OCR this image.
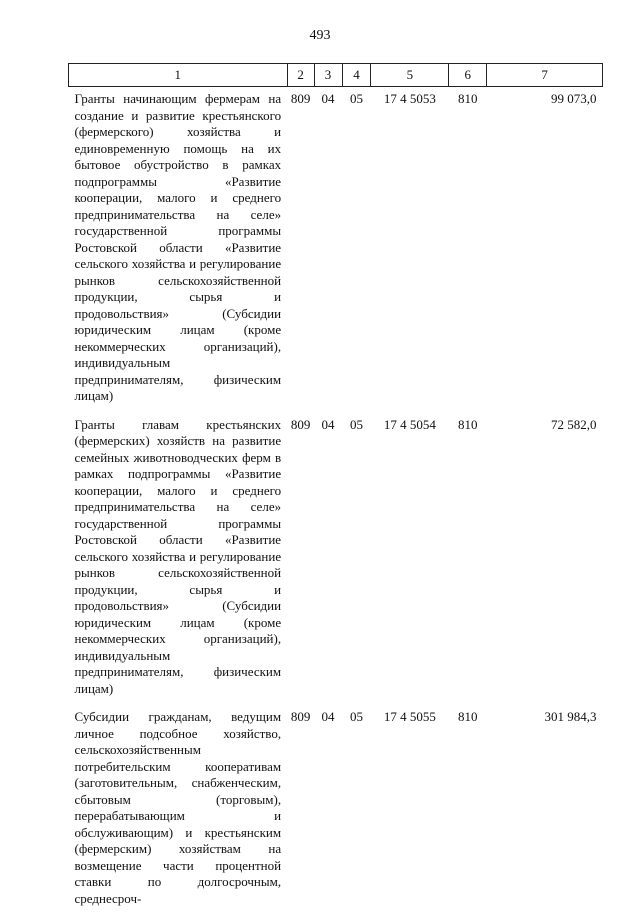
493
1	2	3	4	5	6	7
Гранты начинающим фермерам на создание и развитие крестьянского (фермерского) хозяйства и единовременную помощь на их бытовое обустройство в рамках подпрограммы «Развитие кооперации, малого и среднего предпринимательства на селе» государственной программы Ростовской области «Развитие сельского хозяйства и регулирование рынков сельскохозяйственной продукции, сырья и продовольствия» (Субсидии юридическим лицам (кроме некоммерческих организаций), индивидуальным предпринимателям, физическим лицам)	809	04	05	17 4 5053	810	99 073,0
Гранты главам крестьянских (фермерских) хозяйств на развитие семейных животноводческих ферм в рамках подпрограммы «Развитие кооперации, малого и среднего предпринимательства на селе» государственной программы Ростовской области «Развитие сельского хозяйства и регулирование рынков сельскохозяйственной продукции, сырья и продовольствия» (Субсидии юридическим лицам (кроме некоммерческих организаций), индивидуальным предпринимателям, физическим лицам)	809	04	05	17 4 5054	810	72 582,0
Субсидии гражданам, ведущим личное подсобное хозяйство, сельскохозяйственным потребительским кооперативам (заготовительным, снабженческим, сбытовым (торговым), перерабатывающим и обслуживающим) и крестьянским (фермерским) хозяйствам на возмещение части процентной ставки по долгосрочным, среднесроч-	809	04	05	17 4 5055	810	301 984,3
